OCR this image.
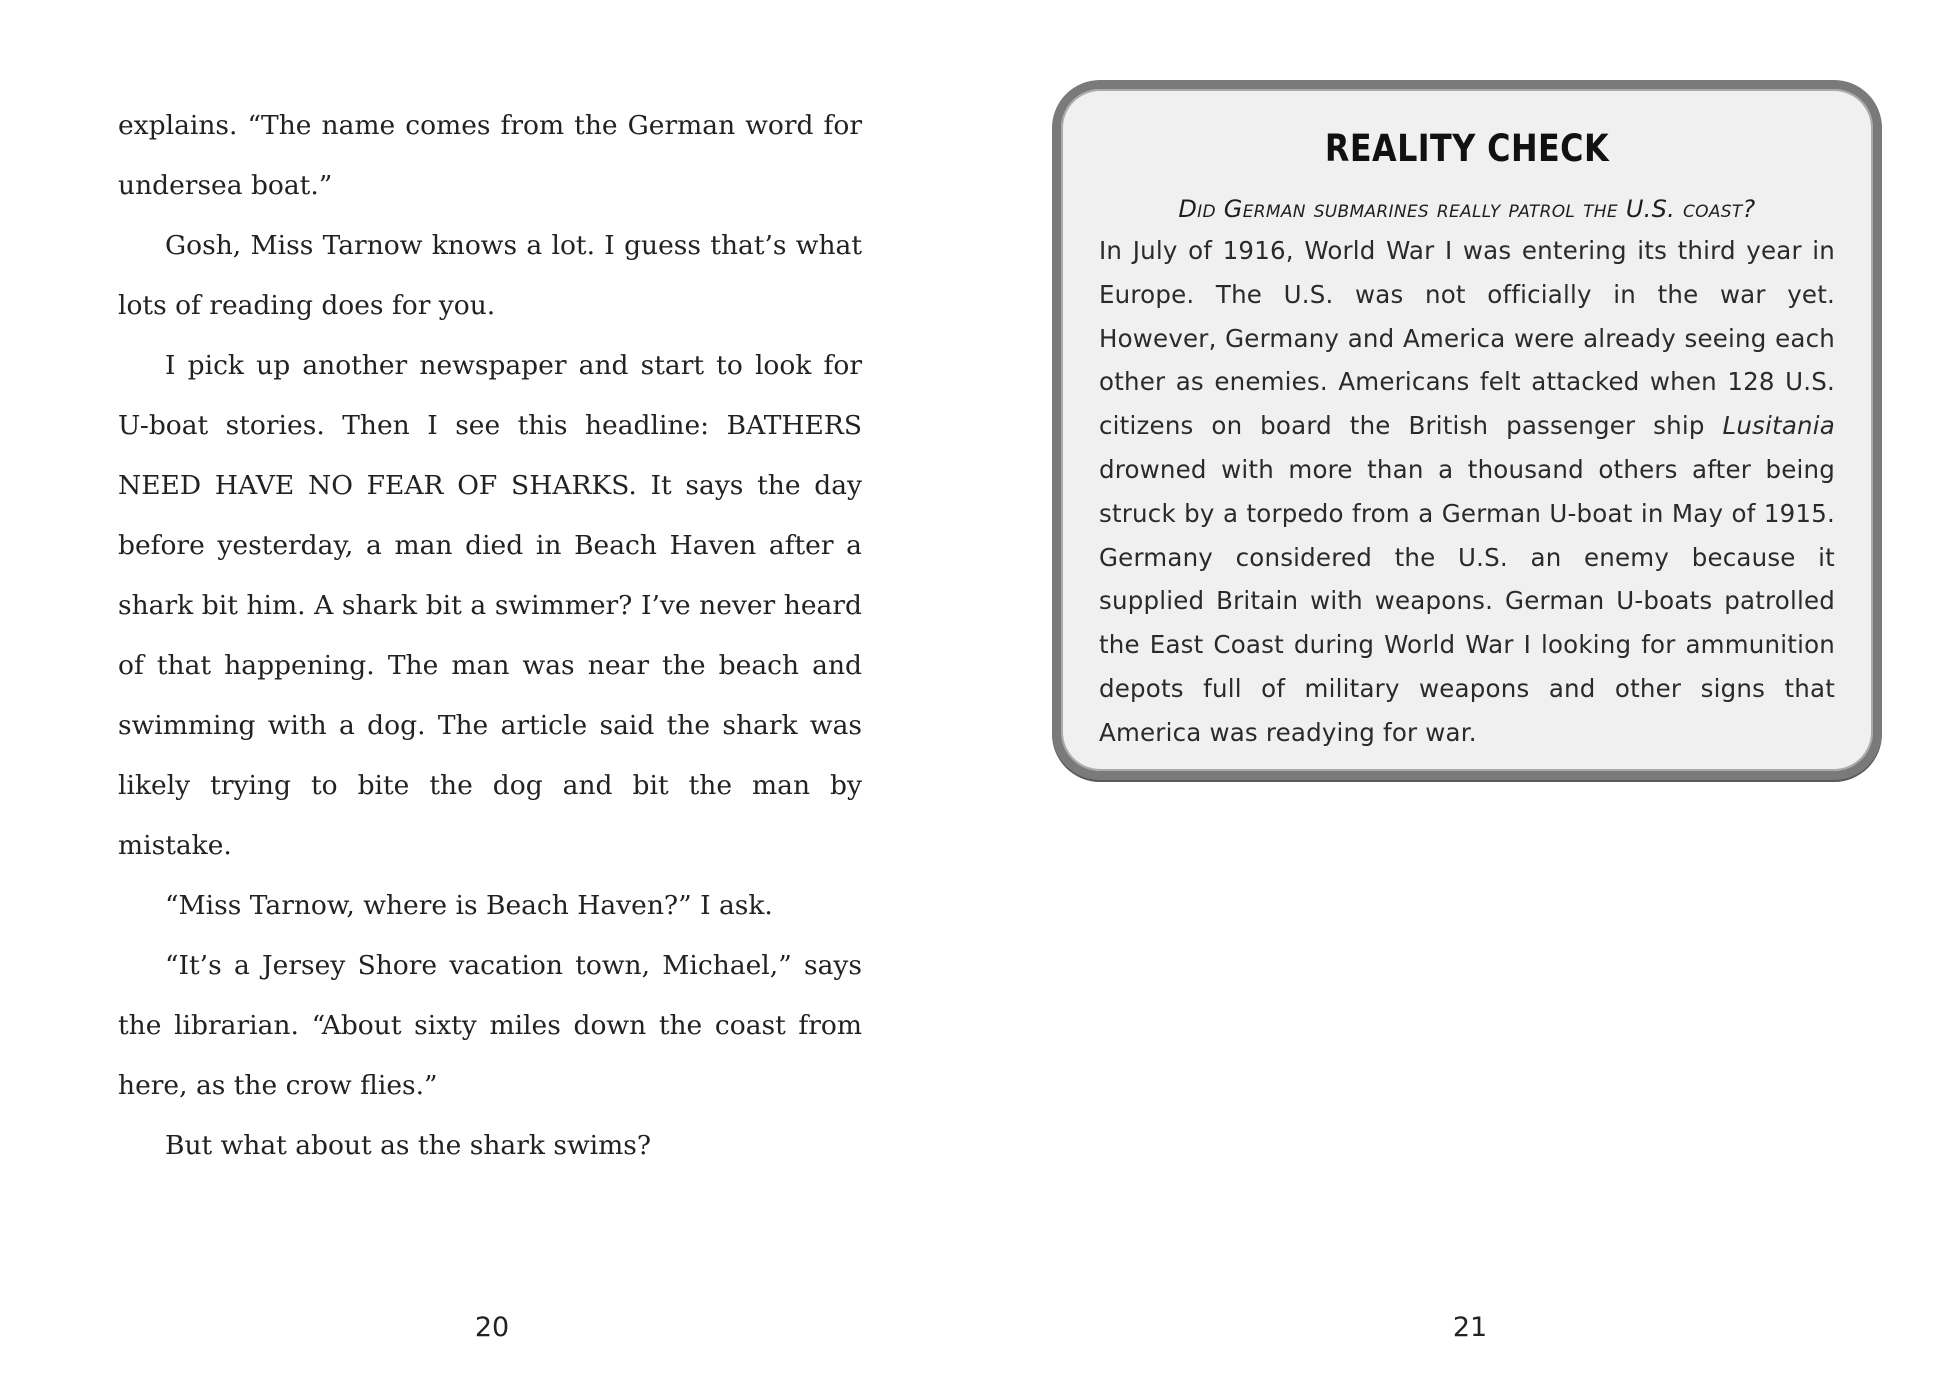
explains. “The name comes from the German word for undersea boat.”

Gosh, Miss Tarnow knows a lot. I guess that’s what lots of reading does for you.

I pick up another newspaper and start to look for U-boat stories. Then I see this headline: BATHERS NEED HAVE NO FEAR OF SHARKS. It says the day before yesterday, a man died in Beach Haven after a shark bit him. A shark bit a swimmer? I’ve never heard of that happening. The man was near the beach and swimming with a dog. The article said the shark was likely trying to bite the dog and bit the man by mistake.

“Miss Tarnow, where is Beach Haven?” I ask.

“It’s a Jersey Shore vacation town, Michael,” says the librarian. “About sixty miles down the coast from here, as the crow flies.”

But what about as the shark swims?

20
REALITY CHECK
Did German submarines really patrol the U.S. coast?

In July of 1916, World War I was entering its third year in Europe. The U.S. was not officially in the war yet. However, Germany and America were already seeing each other as enemies. Americans felt attacked when 128 U.S. citizens on board the British passenger ship Lusitania drowned with more than a thousand others after being struck by a torpedo from a German U-boat in May of 1915. Germany considered the U.S. an enemy because it supplied Britain with weapons. German U-boats patrolled the East Coast during World War I looking for ammunition depots full of military weapons and other signs that America was readying for war.

21
